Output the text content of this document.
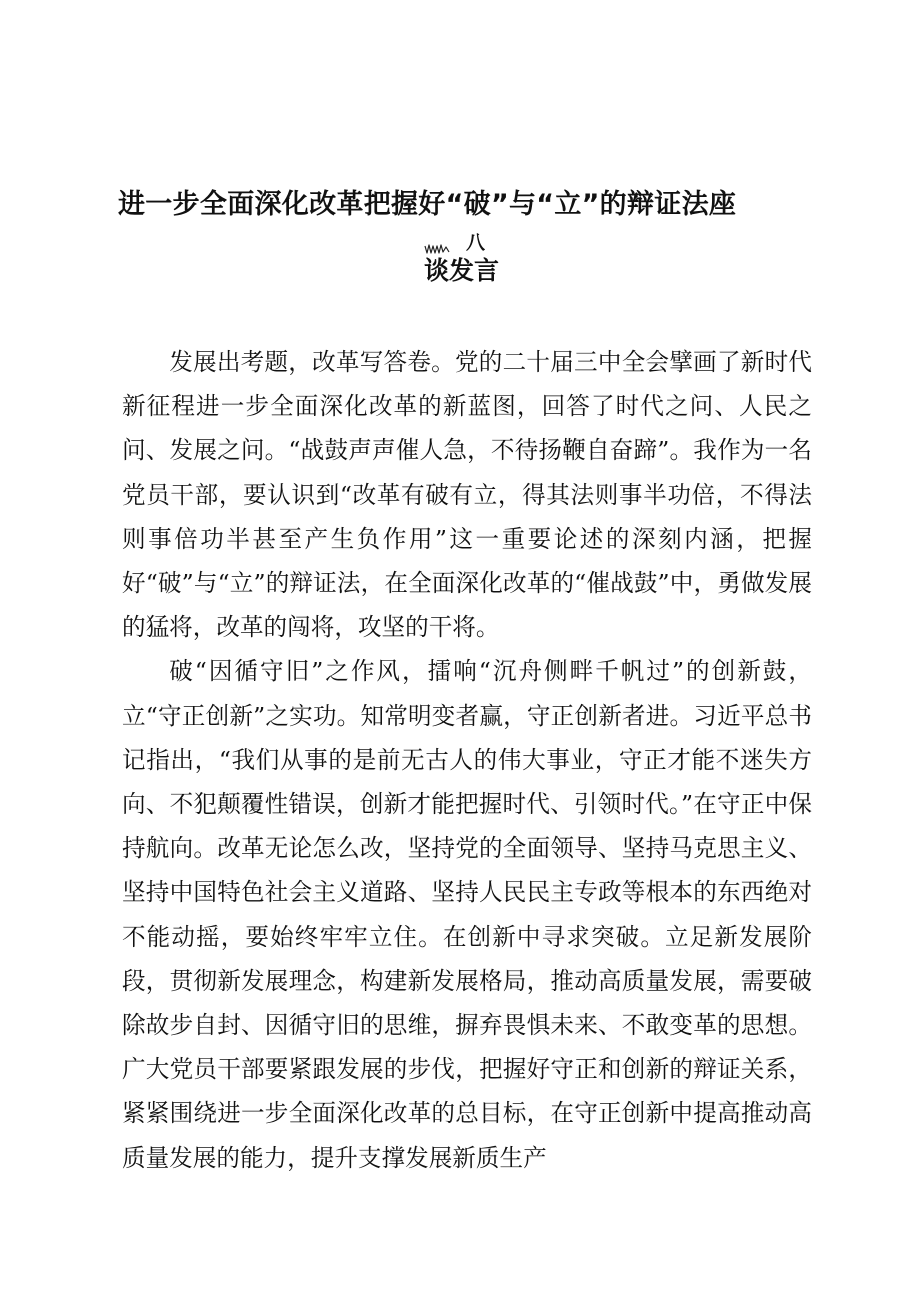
进一步全面深化改革把握好“破”与“立”的辩证法座
八
谈发言

发展出考题，改革写答卷。党的二十届三中全会擘画了新时代新征程进一步全面深化改革的新蓝图，回答了时代之问、人民之问、发展之问。“战鼓声声催人急，不待扬鞭自奋蹄”。我作为一名党员干部，要认识到“改革有破有立，得其法则事半功倍，不得法则事倍功半甚至产生负作用”这一重要论述的深刻内涵，把握好“破”与“立”的辩证法，在全面深化改革的“催战鼓”中，勇做发展的猛将，改革的闯将，攻坚的干将。

破“因循守旧”之作风，擂响“沉舟侧畔千帆过”的创新鼓，立“守正创新”之实功。知常明变者赢，守正创新者进。习近平总书记指出，“我们从事的是前无古人的伟大事业，守正才能不迷失方向、不犯颠覆性错误，创新才能把握时代、引领时代。”在守正中保持航向。改革无论怎么改，坚持党的全面领导、坚持马克思主义、坚持中国特色社会主义道路、坚持人民民主专政等根本的东西绝对不能动摇，要始终牢牢立住。在创新中寻求突破。立足新发展阶段，贯彻新发展理念，构建新发展格局，推动高质量发展，需要破除故步自封、因循守旧的思维，摒弃畏惧未来、不敢变革的思想。广大党员干部要紧跟发展的步伐，把握好守正和创新的辩证关系，紧紧围绕进一步全面深化改革的总目标，在守正创新中提高推动高质量发展的能力，提升支撑发展新质生产
